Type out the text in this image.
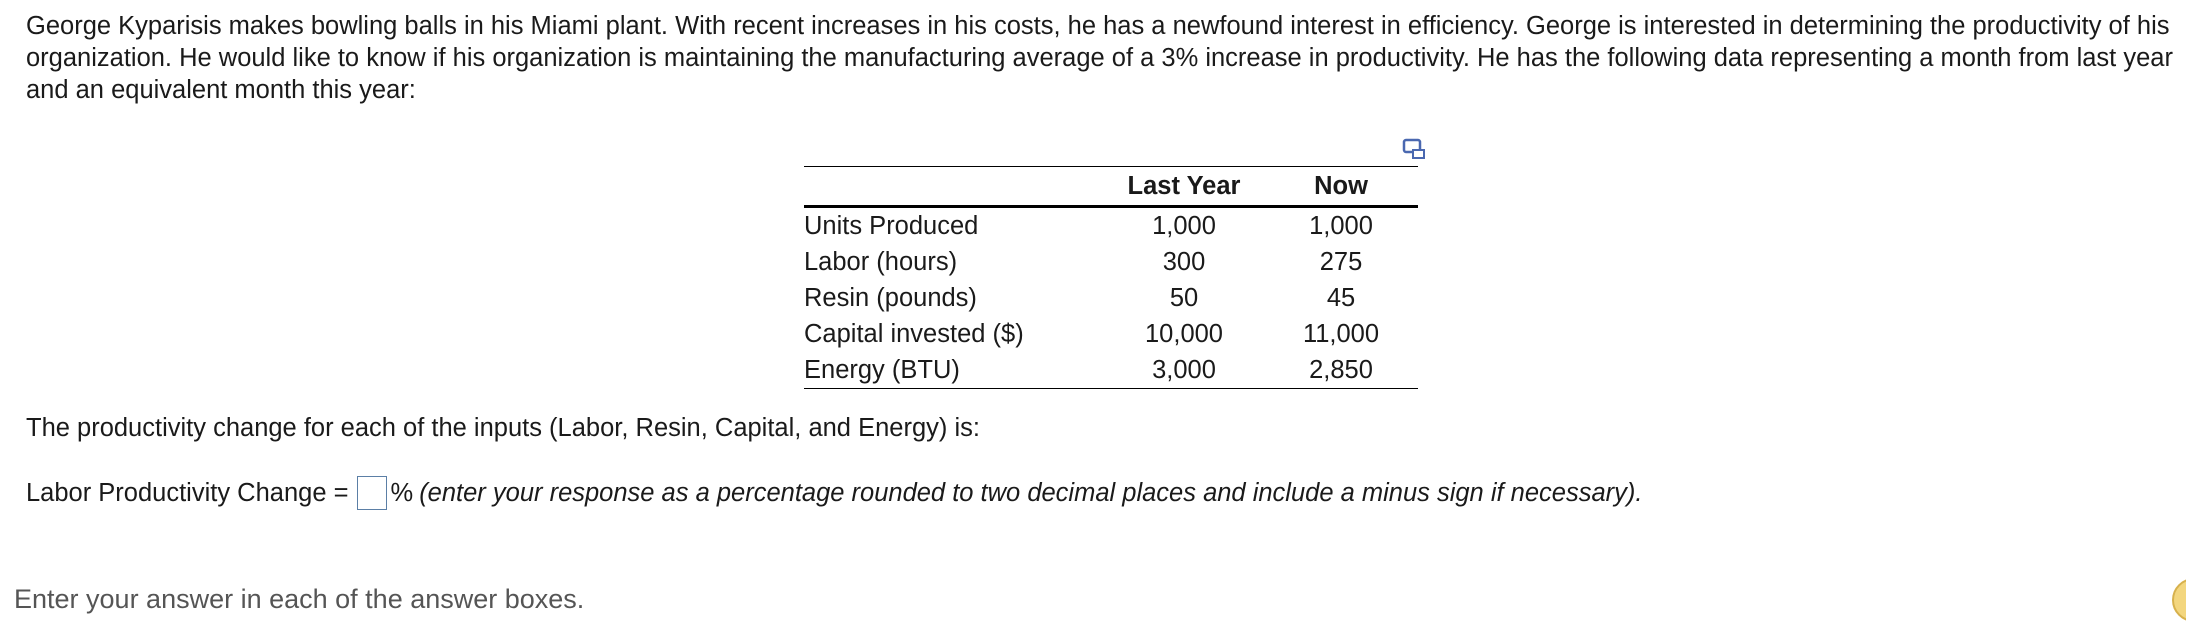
George Kyparisis makes bowling balls in his Miami plant. With recent increases in his costs, he has a newfound interest in efficiency. George is interested in determining the productivity of his organization. He would like to know if his organization is maintaining the manufacturing average of a 3% increase in productivity. He has the following data representing a month from last year and an equivalent month this year:

	Last Year	Now
Units Produced	1,000	1,000
Labor (hours)	300	275
Resin (pounds)	50	45
Capital invested ($)	10,000	11,000
Energy (BTU)	3,000	2,850

The productivity change for each of the inputs (Labor, Resin, Capital, and Energy) is:

Labor Productivity Change = % (enter your response as a percentage rounded to two decimal places and include a minus sign if necessary).

Enter your answer in each of the answer boxes.
